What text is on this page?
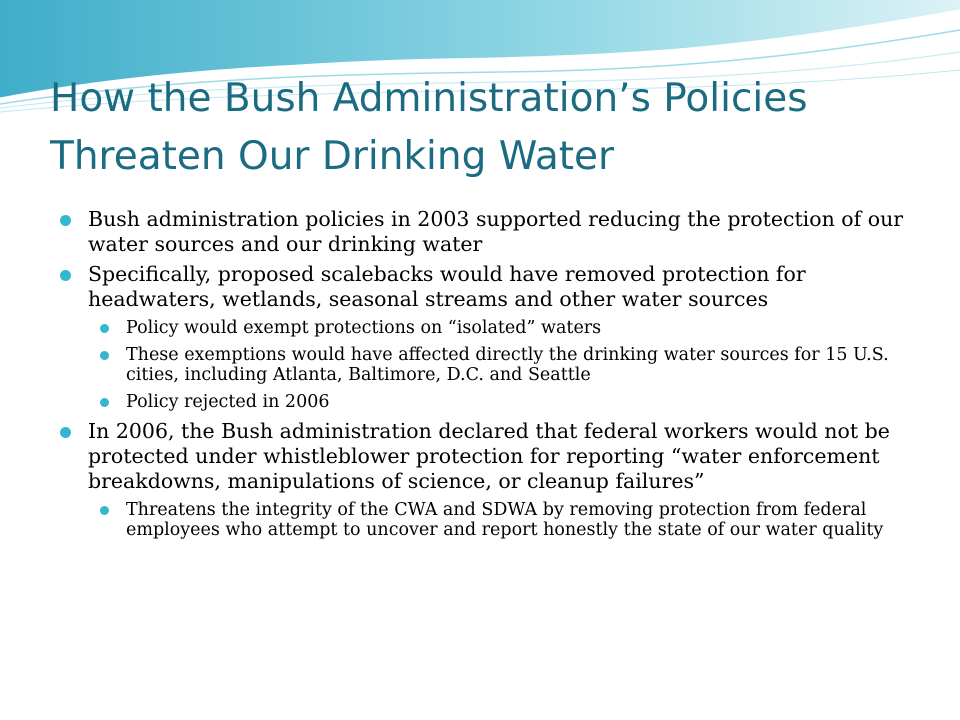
How the Bush Administration’s Policies Threaten Our Drinking Water
Bush administration policies in 2003 supported reducing the protection of our water sources and our drinking water
Specifically, proposed scalebacks would have removed protection for headwaters, wetlands, seasonal streams and other water sources
Policy would exempt protections on “isolated” waters
These exemptions would have affected directly the drinking water sources for 15 U.S. cities, including Atlanta, Baltimore, D.C. and Seattle
Policy rejected in 2006
In 2006, the Bush administration declared that federal workers would not be protected under whistleblower protection for reporting “water enforcement breakdowns, manipulations of science, or cleanup failures”
Threatens the integrity of the CWA and SDWA by removing protection from federal employees who attempt to uncover and report honestly the state of our water quality
